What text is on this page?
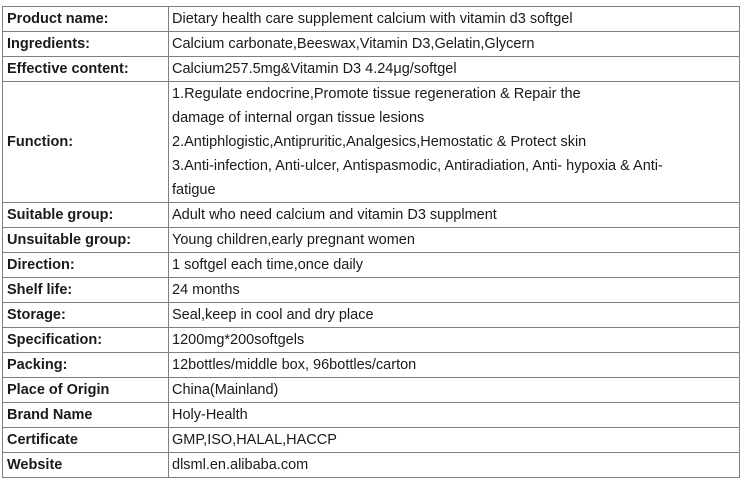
Product name:	Dietary health care supplement calcium with vitamin d3 softgel
Ingredients:	Calcium carbonate,Beeswax,Vitamin D3,Gelatin,Glycern
Effective content:	Calcium257.5mg&Vitamin D3 4.24μg/softgel
Function:	1.Regulate endocrine,Promote tissue regeneration & Repair the
damage of internal organ tissue lesions
2.Antiphlogistic,Antipruritic,Analgesics,Hemostatic & Protect skin
3.Anti-infection, Anti-ulcer, Antispasmodic, Antiradiation, Anti- hypoxia & Anti-
fatigue

Suitable group:	Adult who need calcium and vitamin D3 supplment
Unsuitable group:	Young children,early pregnant women
Direction:	1 softgel each time,once daily
Shelf life:	24 months
Storage:	Seal,keep in cool and dry place
Specification:	1200mg*200softgels
Packing:	12bottles/middle box, 96bottles/carton
Place of Origin	China(Mainland)
Brand Name	Holy-Health
Certificate	GMP,ISO,HALAL,HACCP
Website	dlsml.en.alibaba.com
